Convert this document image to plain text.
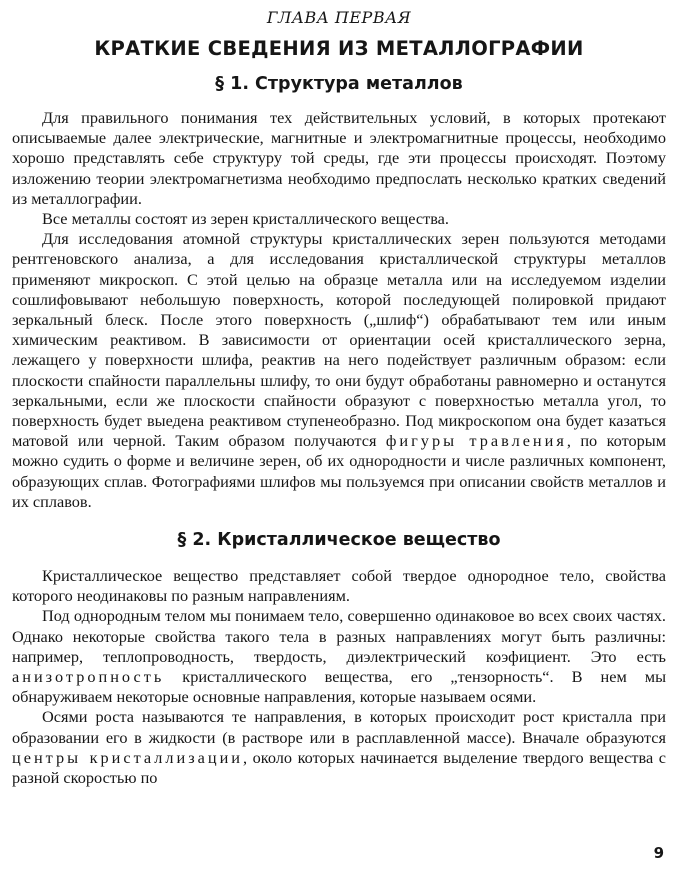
ГЛАВА ПЕРВАЯ
КРАТКИЕ СВЕДЕНИЯ ИЗ МЕТАЛЛОГРАФИИ
§ 1. Структура металлов

Для правильного понимания тех действительных условий, в которых протекают описываемые далее электрические, магнитные и электромагнитные процессы, необходимо хорошо представлять себе структуру той среды, где эти процессы происходят. Поэтому изложению теории электромагнетизма необходимо предпослать несколько кратких сведений из металлографии.

Все металлы состоят из зерен кристаллического вещества.

Для исследования атомной структуры кристаллических зерен пользуются методами рентгеновского анализа, а для исследования кристаллической структуры металлов применяют микроскоп. С этой целью на образце металла или на исследуемом изделии сошлифовывают небольшую поверхность, которой последующей полировкой придают зеркальный блеск. После этого поверхность („шлиф“) обрабатывают тем или иным химическим реактивом. В зависимости от ориентации осей кристаллического зерна, лежащего у поверхности шлифа, реактив на него подействует различным образом: если плоскости спайности параллельны шлифу, то они будут обработаны равномерно и останутся зеркальными, если же плоскости спайности образуют с поверхностью металла угол, то поверхность будет выедена реактивом ступенеобразно. Под микроскопом она будет казаться матовой или черной. Таким образом получаются фигуры травления, по которым можно судить о форме и величине зерен, об их однородности и числе различных компонент, образующих сплав. Фотографиями шлифов мы пользуемся при описании свойств металлов и их сплавов.

§ 2. Кристаллическое вещество

Кристаллическое вещество представляет собой твердое однородное тело, свойства которого неодинаковы по разным направлениям.

Под однородным телом мы понимаем тело, совершенно одинаковое во всех своих частях. Однако некоторые свойства такого тела в разных направлениях могут быть различны: например, теплопроводность, твердость, диэлектрический коэфициент. Это есть анизотропность кристаллического вещества, его „тензорность“. В нем мы обнаруживаем некоторые основные направления, которые называем осями.

Осями роста называются те направления, в которых происходит рост кристалла при образовании его в жидкости (в растворе или в расплавленной массе). Вначале образуются центры кристаллизации, около которых начинается выделение твердого вещества с разной скоростью по

9
